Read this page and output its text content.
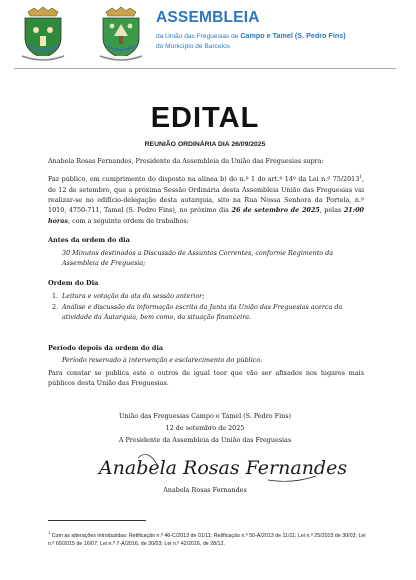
ASSEMBLEIA
da União das Freguesias de Campo e Tamel (S. Pedro Fins)
do Município de Barcelos
EDITAL
REUNIÃO ORDINÁRIA DIA 26/09/2025
Anabela Rosas Fernandes, Presidente da Assembleia da União das Freguesias supra:
Faz público, em cumprimento do disposto na alínea b) do n.º 1 do art.º 14º da Lei n.º 75/2013$^1$, de 12 de setembro, que a próxima Sessão Ordinária desta Assembleia União das Freguesias vai realizar-se no edifício-delegação desta autarquia, sito na Rua Nossa Senhora da Portela, n.º 1010, 4750-711, Tamel (S. Pedro Fins), no próximo dia 26 de setembro de 2025, pelas 21:00 horas, com a seguinte ordem de trabalhos:
Antes da ordem do dia
30 Minutos destinados a Discussão de Assuntos Correntes, conforme Regimento da Assembleia de Freguesia;
Ordem do Dia
1. Leitura e votação da ata da sessão anterior;
2. Análise e discussão da informação escrita da Junta da União das Freguesias acerca da atividade da Autarquia, bem como, da situação financeira.
Período depois da ordem do dia
Período reservado à intervenção e esclarecimento do público.
Para constar se publica este e outros de igual teor que vão ser afixados nos lugares mais públicos desta União das Freguesias.
União das Freguesias Campo e Tamel (S. Pedro Fins)
12 de setembro de 2025
A Presidente da Assembleia da União das Freguesias
Anabela Rosas Fernandes
Anabela Rosas Fernandes
$^1$ Com as alterações introduzidas: Retificação n.º 46-C/2013 de 01/11; Retificação n.º 50-A/2013 de 11/11; Lei n.º 25/2015 de 30/03; Lei n.º 69/2015 de 16/07; Lei n.º 7-A/2016, de 30/03; Lei n.º 42/2016, de 28/12.
